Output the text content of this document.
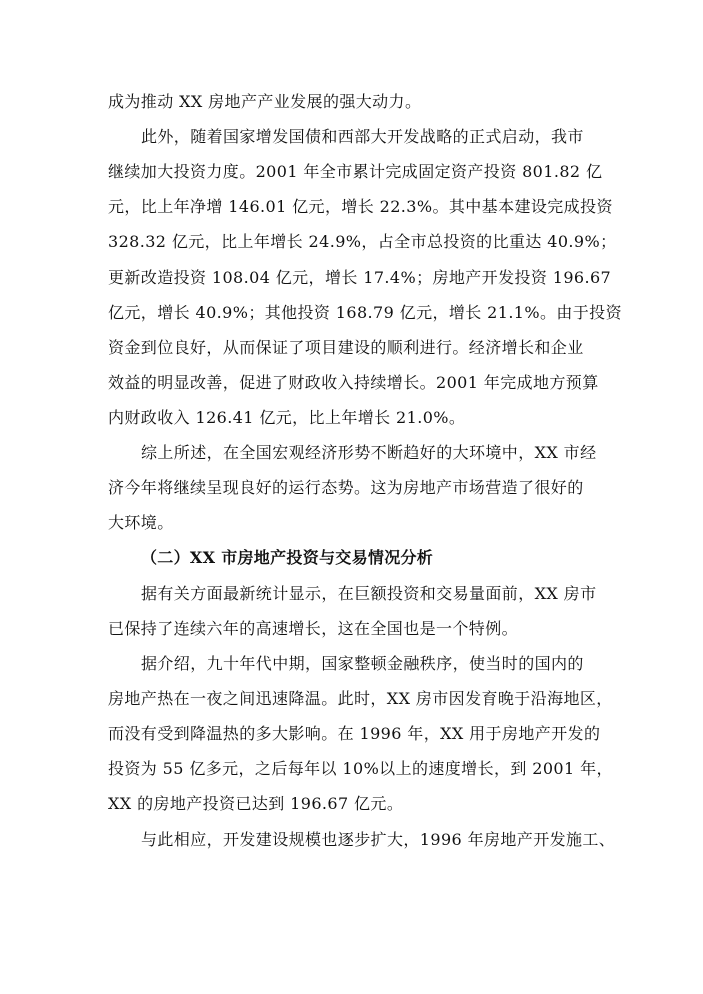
成为推动 XX 房地产产业发展的强大动力。
此外，随着国家增发国债和西部大开发战略的正式启动，我市
继续加大投资力度。2001 年全市累计完成固定资产投资 801.82 亿
元，比上年净增 146.01 亿元，增长 22.3%。其中基本建设完成投资
328.32 亿元，比上年增长 24.9%，占全市总投资的比重达 40.9%；
更新改造投资 108.04 亿元，增长 17.4%；房地产开发投资 196.67
亿元，增长 40.9%；其他投资 168.79 亿元，增长 21.1%。由于投资
资金到位良好，从而保证了项目建设的顺利进行。经济增长和企业
效益的明显改善，促进了财政收入持续增长。2001 年完成地方预算
内财政收入 126.41 亿元，比上年增长 21.0%。
综上所述，在全国宏观经济形势不断趋好的大环境中，XX 市经
济今年将继续呈现良好的运行态势。这为房地产市场营造了很好的
大环境。
（二）XX 市房地产投资与交易情况分析
据有关方面最新统计显示，在巨额投资和交易量面前，XX 房市
已保持了连续六年的高速增长，这在全国也是一个特例。
据介绍，九十年代中期，国家整顿金融秩序，使当时的国内的
房地产热在一夜之间迅速降温。此时，XX 房市因发育晚于沿海地区，
而没有受到降温热的多大影响。在 1996 年，XX 用于房地产开发的
投资为 55 亿多元，之后每年以 10%以上的速度增长，到 2001 年，
XX 的房地产投资已达到 196.67 亿元。
与此相应，开发建设规模也逐步扩大，1996 年房地产开发施工、
